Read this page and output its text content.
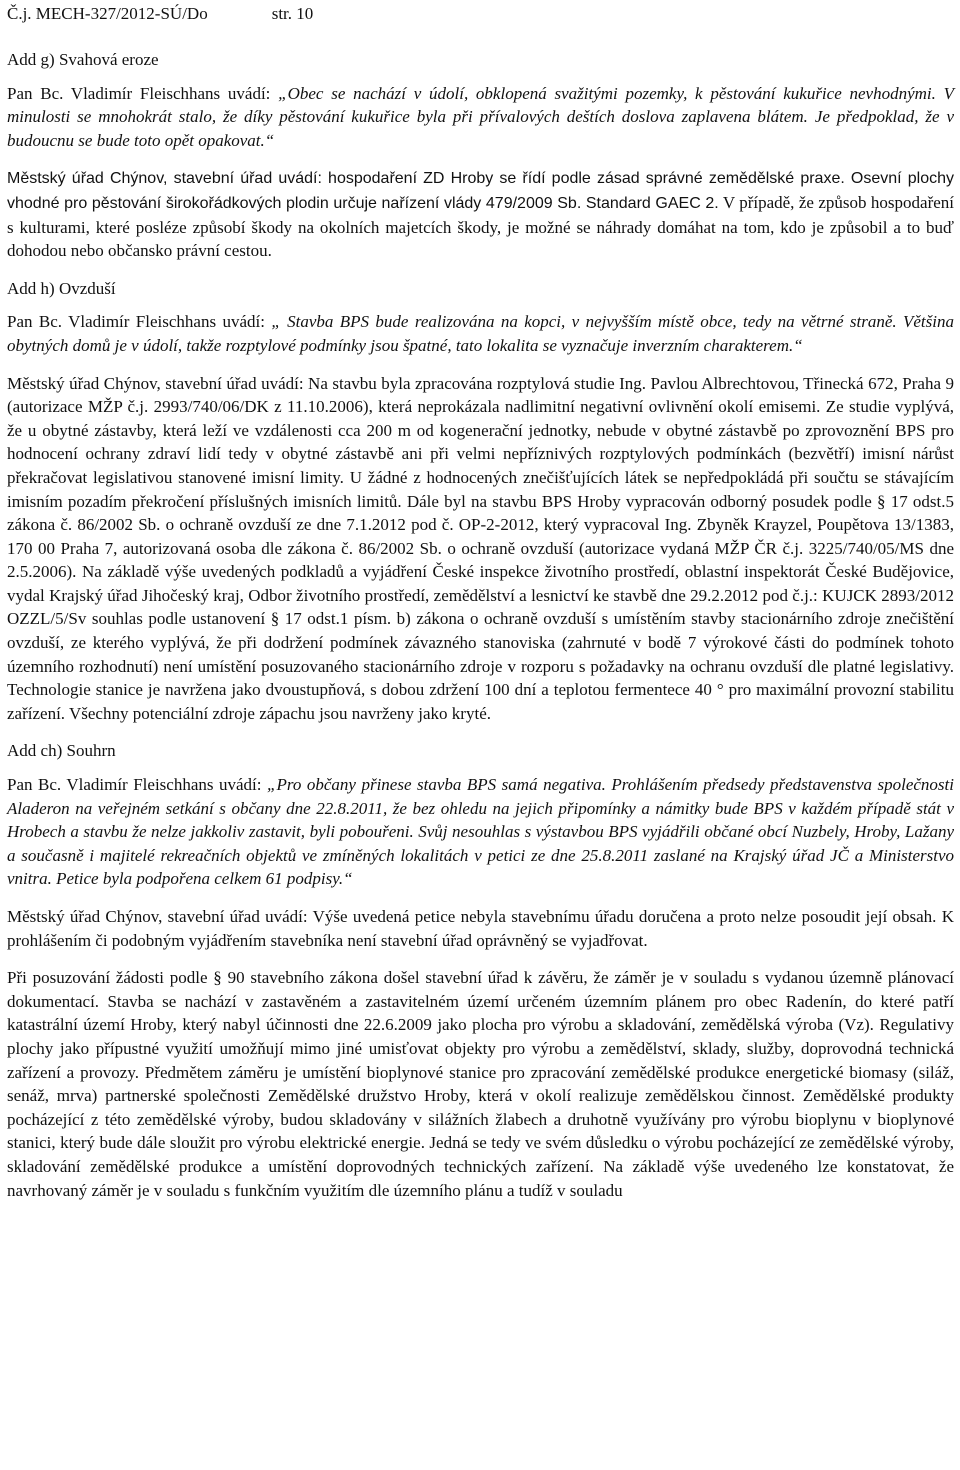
Č.j. MECH-327/2012-SÚ/Do	str. 10
Add g) Svahová eroze

Pan Bc. Vladimír Fleischhans uvádí: „Obec se nachází v údolí, obklopená svažitými pozemky, k pěstování kukuřice nevhodnými. V minulosti se mnohokrát stalo, že díky pěstování kukuřice byla při přívalových deštích doslova zaplavena blátem. Je předpoklad, že v budoucnu se bude toto opět opakovat.“

Městský úřad Chýnov, stavební úřad uvádí: hospodaření ZD Hroby se řídí podle zásad správné zemědělské praxe. Osevní plochy vhodné pro pěstování širokořádkových plodin určuje nařízení vlády 479/2009 Sb. Standard GAEC 2. V případě, že způsob hospodaření s kulturami, které posléze způsobí škody na okolních majetcích škody, je možné se náhrady domáhat na tom, kdo je způsobil a to buď dohodou nebo občansko právní cestou.

Add h) Ovzduší

Pan Bc. Vladimír Fleischhans uvádí: „ Stavba BPS bude realizována na kopci, v nejvyšším místě obce, tedy na větrné straně. Většina obytných domů je v údolí, takže rozptylové podmínky jsou špatné, tato lokalita se vyznačuje inverzním charakterem.“

Městský úřad Chýnov, stavební úřad uvádí: Na stavbu byla zpracována rozptylová studie Ing. Pavlou Albrechtovou, Třinecká 672, Praha 9 (autorizace MŽP č.j. 2993/740/06/DK z 11.10.2006), která neprokázala nadlimitní negativní ovlivnění okolí emisemi. Ze studie vyplývá, že u obytné zástavby, která leží ve vzdálenosti cca 200 m od kogenerační jednotky, nebude v obytné zástavbě po zprovoznění BPS pro hodnocení ochrany zdraví lidí tedy v obytné zástavbě ani při velmi nepříznivých rozptylových podmínkách (bezvětří) imisní nárůst překračovat legislativou stanovené imisní limity. U žádné z hodnocených znečišťujících látek se nepředpokládá při součtu se stávajícím imisním pozadím překročení příslušných imisních limitů. Dále byl na stavbu BPS Hroby vypracován odborný posudek podle § 17 odst.5 zákona č. 86/2002 Sb. o ochraně ovzduší ze dne 7.1.2012 pod č. OP-2-2012, který vypracoval Ing. Zbyněk Krayzel, Poupětova 13/1383, 170 00 Praha 7, autorizovaná osoba dle zákona č. 86/2002 Sb. o ochraně ovzduší (autorizace vydaná MŽP ČR č.j. 3225/740/05/MS dne 2.5.2006). Na základě výše uvedených podkladů a vyjádření České inspekce životního prostředí, oblastní inspektorát České Budějovice, vydal Krajský úřad Jihočeský kraj, Odbor životního prostředí, zemědělství a lesnictví ke stavbě dne 29.2.2012 pod č.j.: KUJCK 2893/2012 OZZL/5/Sv souhlas podle ustanovení § 17 odst.1 písm. b) zákona o ochraně ovzduší s umístěním stavby stacionárního zdroje znečištění ovzduší, ze kterého vyplývá, že při dodržení podmínek závazného stanoviska (zahrnuté v bodě 7 výrokové části do podmínek tohoto územního rozhodnutí) není umístění posuzovaného stacionárního zdroje v rozporu s požadavky na ochranu ovzduší dle platné legislativy. Technologie stanice je navržena jako dvoustupňová, s dobou zdržení 100 dní a teplotou fermentece 40 ° pro maximální provozní stabilitu zařízení. Všechny potenciální zdroje zápachu jsou navrženy jako kryté.

Add ch) Souhrn

Pan Bc. Vladimír Fleischhans uvádí: „Pro občany přinese stavba BPS samá negativa. Prohlášením předsedy představenstva společnosti Aladeron na veřejném setkání s občany dne 22.8.2011, že bez ohledu na jejich připomínky a námitky bude BPS v každém případě stát v Hrobech a stavbu že nelze jakkoliv zastavit, byli pobouřeni. Svůj nesouhlas s výstavbou BPS vyjádřili občané obcí Nuzbely, Hroby, Lažany a současně i majitelé rekreačních objektů ve zmíněných lokalitách v petici ze dne 25.8.2011 zaslané na Krajský úřad JČ a Ministerstvo vnitra. Petice byla podpořena celkem 61 podpisy.“

Městský úřad Chýnov, stavební úřad uvádí: Výše uvedená petice nebyla stavebnímu úřadu doručena a proto nelze posoudit její obsah. K prohlášením či podobným vyjádřením stavebníka není stavební úřad oprávněný se vyjadřovat.

Při posuzování žádosti podle § 90 stavebního zákona došel stavební úřad k závěru, že záměr je v souladu s vydanou územně plánovací dokumentací. Stavba se nachází v zastavěném a zastavitelném území určeném územním plánem pro obec Radenín, do které patří katastrální území Hroby, který nabyl účinnosti dne 22.6.2009 jako plocha pro výrobu a skladování, zemědělská výroba (Vz). Regulativy plochy jako přípustné využití umožňují mimo jiné umisťovat objekty pro výrobu a zemědělství, sklady, služby, doprovodná technická zařízení a provozy. Předmětem záměru je umístění bioplynové stanice pro zpracování zemědělské produkce energetické biomasy (siláž, senáž, mrva) partnerské společnosti Zemědělské družstvo Hroby, která v okolí realizuje zemědělskou činnost. Zemědělské produkty pocházející z této zemědělské výroby, budou skladovány v silážních žlabech a druhotně využívány pro výrobu bioplynu v bioplynové stanici, který bude dále sloužit pro výrobu elektrické energie. Jedná se tedy ve svém důsledku o výrobu pocházející ze zemědělské výroby, skladování zemědělské produkce a umístění doprovodných technických zařízení. Na základě výše uvedeného lze konstatovat, že navrhovaný záměr je v souladu s funkčním využitím dle územního plánu a tudíž v souladu
